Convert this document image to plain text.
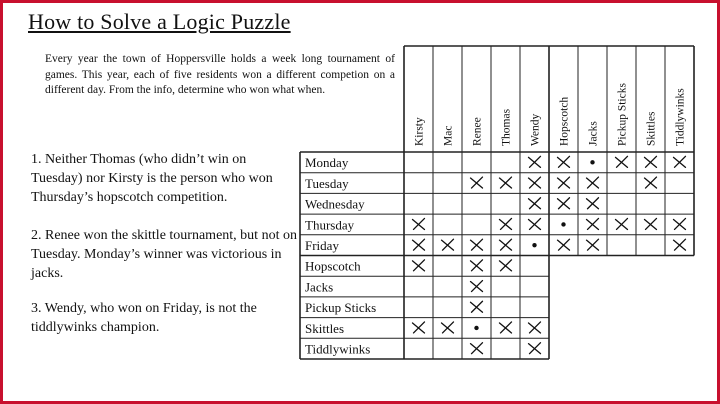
How to Solve a Logic Puzzle

Every year the town of Hoppersville holds a week long tournament of games. This year, each of five residents won a different competion on a different day. From the info, determine who won what when.

1. Neither Thomas (who didn’t win on Tuesday) nor Kirsty is the person who won Thursday’s hopscotch competition.

2. Renee won the skittle tournament, but not on Tuesday. Monday’s winner was victorious in jacks.

3. Wendy, who won on Friday, is not the tiddlywinks champion.

Kirsty Mac Renee Thomas Wendy Hopscotch Jacks Pickup Sticks Skittles Tiddlywinks
Monday
Tuesday
Wednesday
Thursday
Friday
Hopscotch
Jacks
Pickup Sticks
Skittles
Tiddlywinks
